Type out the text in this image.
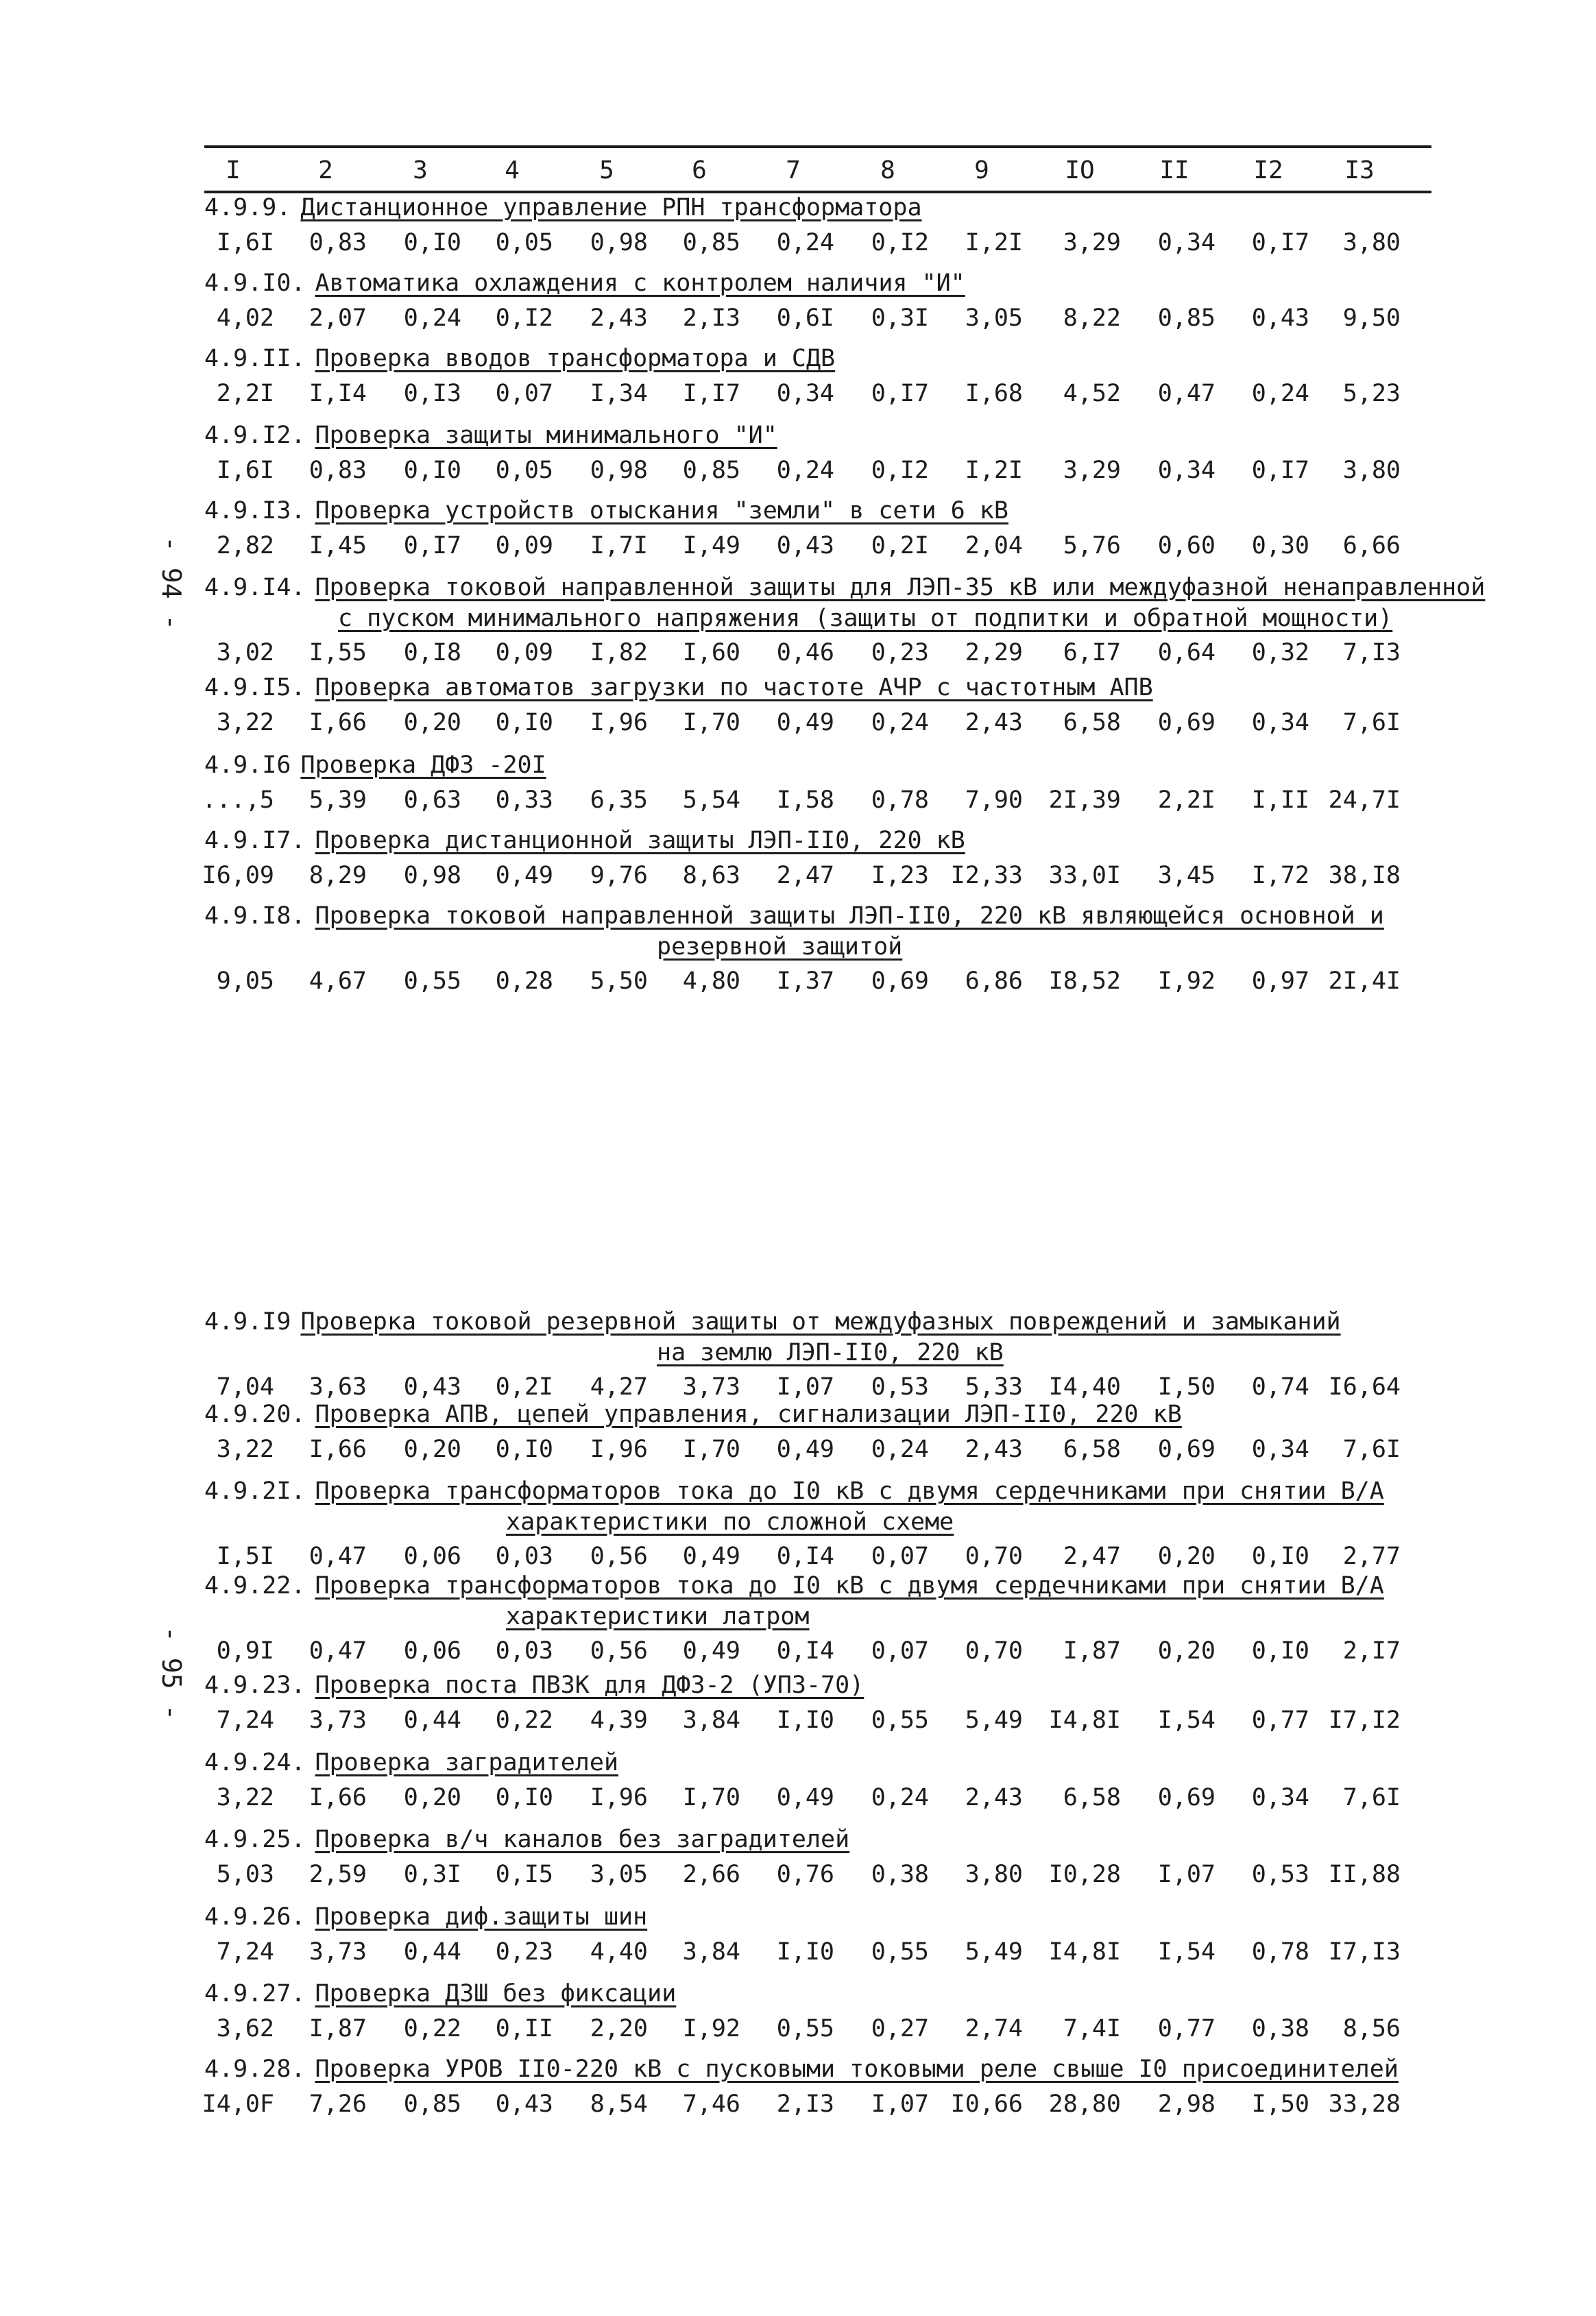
I	2	3	4	5	6	7	8	9	IO	II	I2	I3
- 94 -
- 95 -
4.9.9. Дистанционное управление РПН трансформатора
I,6I	0,83	0,I0	0,05	0,98	0,85	0,24	0,I2	I,2I	3,29	0,34	0,I7	3,80
4.9.I0. Автоматика охлаждения с контролем наличия "И"
4,02	2,07	0,24	0,I2	2,43	2,I3	0,6I	0,3I	3,05	8,22	0,85	0,43	9,50
4.9.II. Проверка вводов трансформатора и СДВ
2,2I	I,I4	0,I3	0,07	I,34	I,I7	0,34	0,I7	I,68	4,52	0,47	0,24	5,23
4.9.I2. Проверка защиты минимального "И"
I,6I	0,83	0,I0	0,05	0,98	0,85	0,24	0,I2	I,2I	3,29	0,34	0,I7	3,80
4.9.I3. Проверка устройств отыскания "земли" в сети 6 кВ
2,82	I,45	0,I7	0,09	I,7I	I,49	0,43	0,2I	2,04	5,76	0,60	0,30	6,66
4.9.I4. Проверка токовой направленной защиты для ЛЭП-35 кВ или междуфазной ненаправленной
с пуском минимального напряжения (защиты от подпитки и обратной мощности)
3,02	I,55	0,I8	0,09	I,82	I,60	0,46	0,23	2,29	6,I7	0,64	0,32	7,I3
4.9.I5. Проверка автоматов загрузки по частоте АЧР с частотным АПВ
3,22	I,66	0,20	0,I0	I,96	I,70	0,49	0,24	2,43	6,58	0,69	0,34	7,6I
4.9.I6 Проверка ДФЗ -20I
...,5	5,39	0,63	0,33	6,35	5,54	I,58	0,78	7,90	2I,39	2,2I	I,II 24,7I
4.9.I7. Проверка дистанционной защиты ЛЭП-II0, 220 кВ
I6,09	8,29	0,98	0,49	9,76	8,63	2,47	I,23 I2,33	33,0I	3,45	I,72 38,I8
4.9.I8. Проверка токовой направленной защиты ЛЭП-II0, 220 кВ являющейся основной и
резервной защитой
9,05	4,67	0,55	0,28	5,50	4,80	I,37	0,69	6,86	I8,52	I,92	0,97 2I,4I
4.9.I9 Проверка токовой резервной защиты от междуфазных повреждений и замыканий
на землю ЛЭП-II0, 220 кВ
7,04	3,63	0,43	0,2I	4,27	3,73	I,07	0,53	5,33	I4,40	I,50	0,74 I6,64
4.9.20. Проверка АПВ, цепей управления, сигнализации ЛЭП-II0, 220 кВ
3,22	I,66	0,20	0,I0	I,96	I,70	0,49	0,24	2,43	6,58	0,69	0,34	7,6I
4.9.2I. Проверка трансформаторов тока до I0 кВ с двумя сердечниками при снятии В/А
характеристики по сложной схеме
I,5I	0,47	0,06	0,03	0,56	0,49	0,I4	0,07	0,70	2,47	0,20	0,I0	2,77
4.9.22. Проверка трансформаторов тока до I0 кВ с двумя сердечниками при снятии В/А
характеристики латром
0,9I	0,47	0,06	0,03	0,56	0,49	0,I4	0,07	0,70	I,87	0,20	0,I0	2,I7
4.9.23. Проверка поста ПВЗК для ДФЗ-2 (УПЗ-70)
7,24	3,73	0,44	0,22	4,39	3,84	I,I0	0,55	5,49	I4,8I	I,54	0,77 I7,I2
4.9.24. Проверка заградителей
3,22	I,66	0,20	0,I0	I,96	I,70	0,49	0,24	2,43	6,58	0,69	0,34	7,6I
4.9.25. Проверка в/ч каналов без заградителей
5,03	2,59	0,3I	0,I5	3,05	2,66	0,76	0,38	3,80	I0,28	I,07	0,53 II,88
4.9.26. Проверка диф.защиты шин
7,24	3,73	0,44	0,23	4,40	3,84	I,I0	0,55	5,49	I4,8I	I,54	0,78 I7,I3
4.9.27. Проверка ДЗШ без фиксации
3,62	I,87	0,22	0,II	2,20	I,92	0,55	0,27	2,74	7,4I	0,77	0,38	8,56
4.9.28. Проверка УРОВ II0-220 кВ с пусковыми токовыми реле свыше I0 присоединителей
I4,0F	7,26	0,85	0,43	8,54	7,46	2,I3	I,07 I0,66	28,80	2,98	I,50 33,28
